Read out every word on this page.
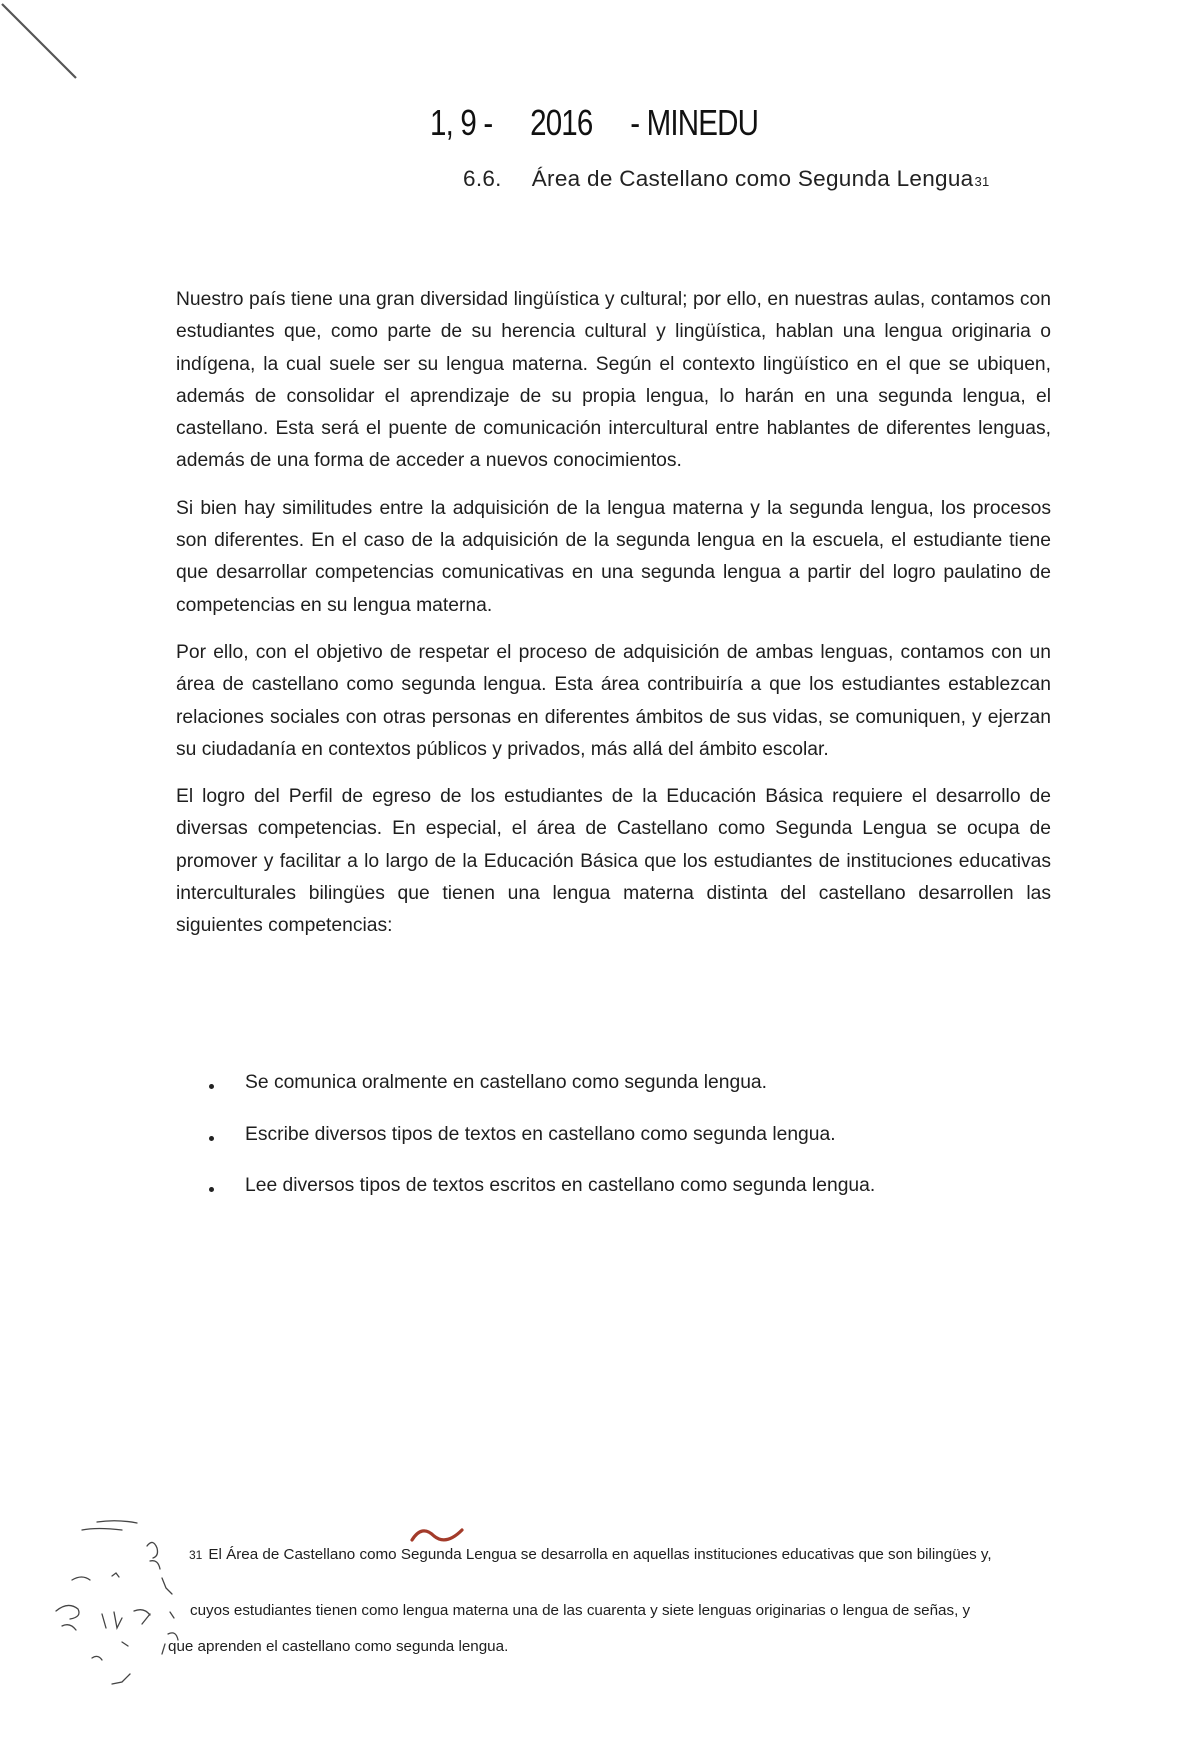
1, 9 - 2016 - MINEDU
6.6. Área de Castellano como Segunda Lengua31

Nuestro país tiene una gran diversidad lingüística y cultural; por ello, en nuestras aulas, contamos con estudiantes que, como parte de su herencia cultural y lingüística, hablan una lengua originaria o indígena, la cual suele ser su lengua materna. Según el contexto lingüístico en el que se ubiquen, además de consolidar el aprendizaje de su propia lengua, lo harán en una segunda lengua, el castellano. Esta será el puente de comunicación intercultural entre hablantes de diferentes lenguas, además de una forma de acceder a nuevos conocimientos.

Si bien hay similitudes entre la adquisición de la lengua materna y la segunda lengua, los procesos son diferentes. En el caso de la adquisición de la segunda lengua en la escuela, el estudiante tiene que desarrollar competencias comunicativas en una segunda lengua a partir del logro paulatino de competencias en su lengua materna.

Por ello, con el objetivo de respetar el proceso de adquisición de ambas lenguas, contamos con un área de castellano como segunda lengua. Esta área contribuiría a que los estudiantes establezcan relaciones sociales con otras personas en diferentes ámbitos de sus vidas, se comuniquen, y ejerzan su ciudadanía en contextos públicos y privados, más allá del ámbito escolar.

El logro del Perfil de egreso de los estudiantes de la Educación Básica requiere el desarrollo de diversas competencias. En especial, el área de Castellano como Segunda Lengua se ocupa de promover y facilitar a lo largo de la Educación Básica que los estudiantes de instituciones educativas interculturales bilingües que tienen una lengua materna distinta del castellano desarrollen las siguientes competencias:

Se comunica oralmente en castellano como segunda lengua.
Escribe diversos tipos de textos en castellano como segunda lengua.
Lee diversos tipos de textos escritos en castellano como segunda lengua.
31 El Área de Castellano como Segunda Lengua se desarrolla en aquellas instituciones educativas que son bilingües y,
cuyos estudiantes tienen como lengua materna una de las cuarenta y siete lenguas originarias o lengua de señas, y
que aprenden el castellano como segunda lengua.
